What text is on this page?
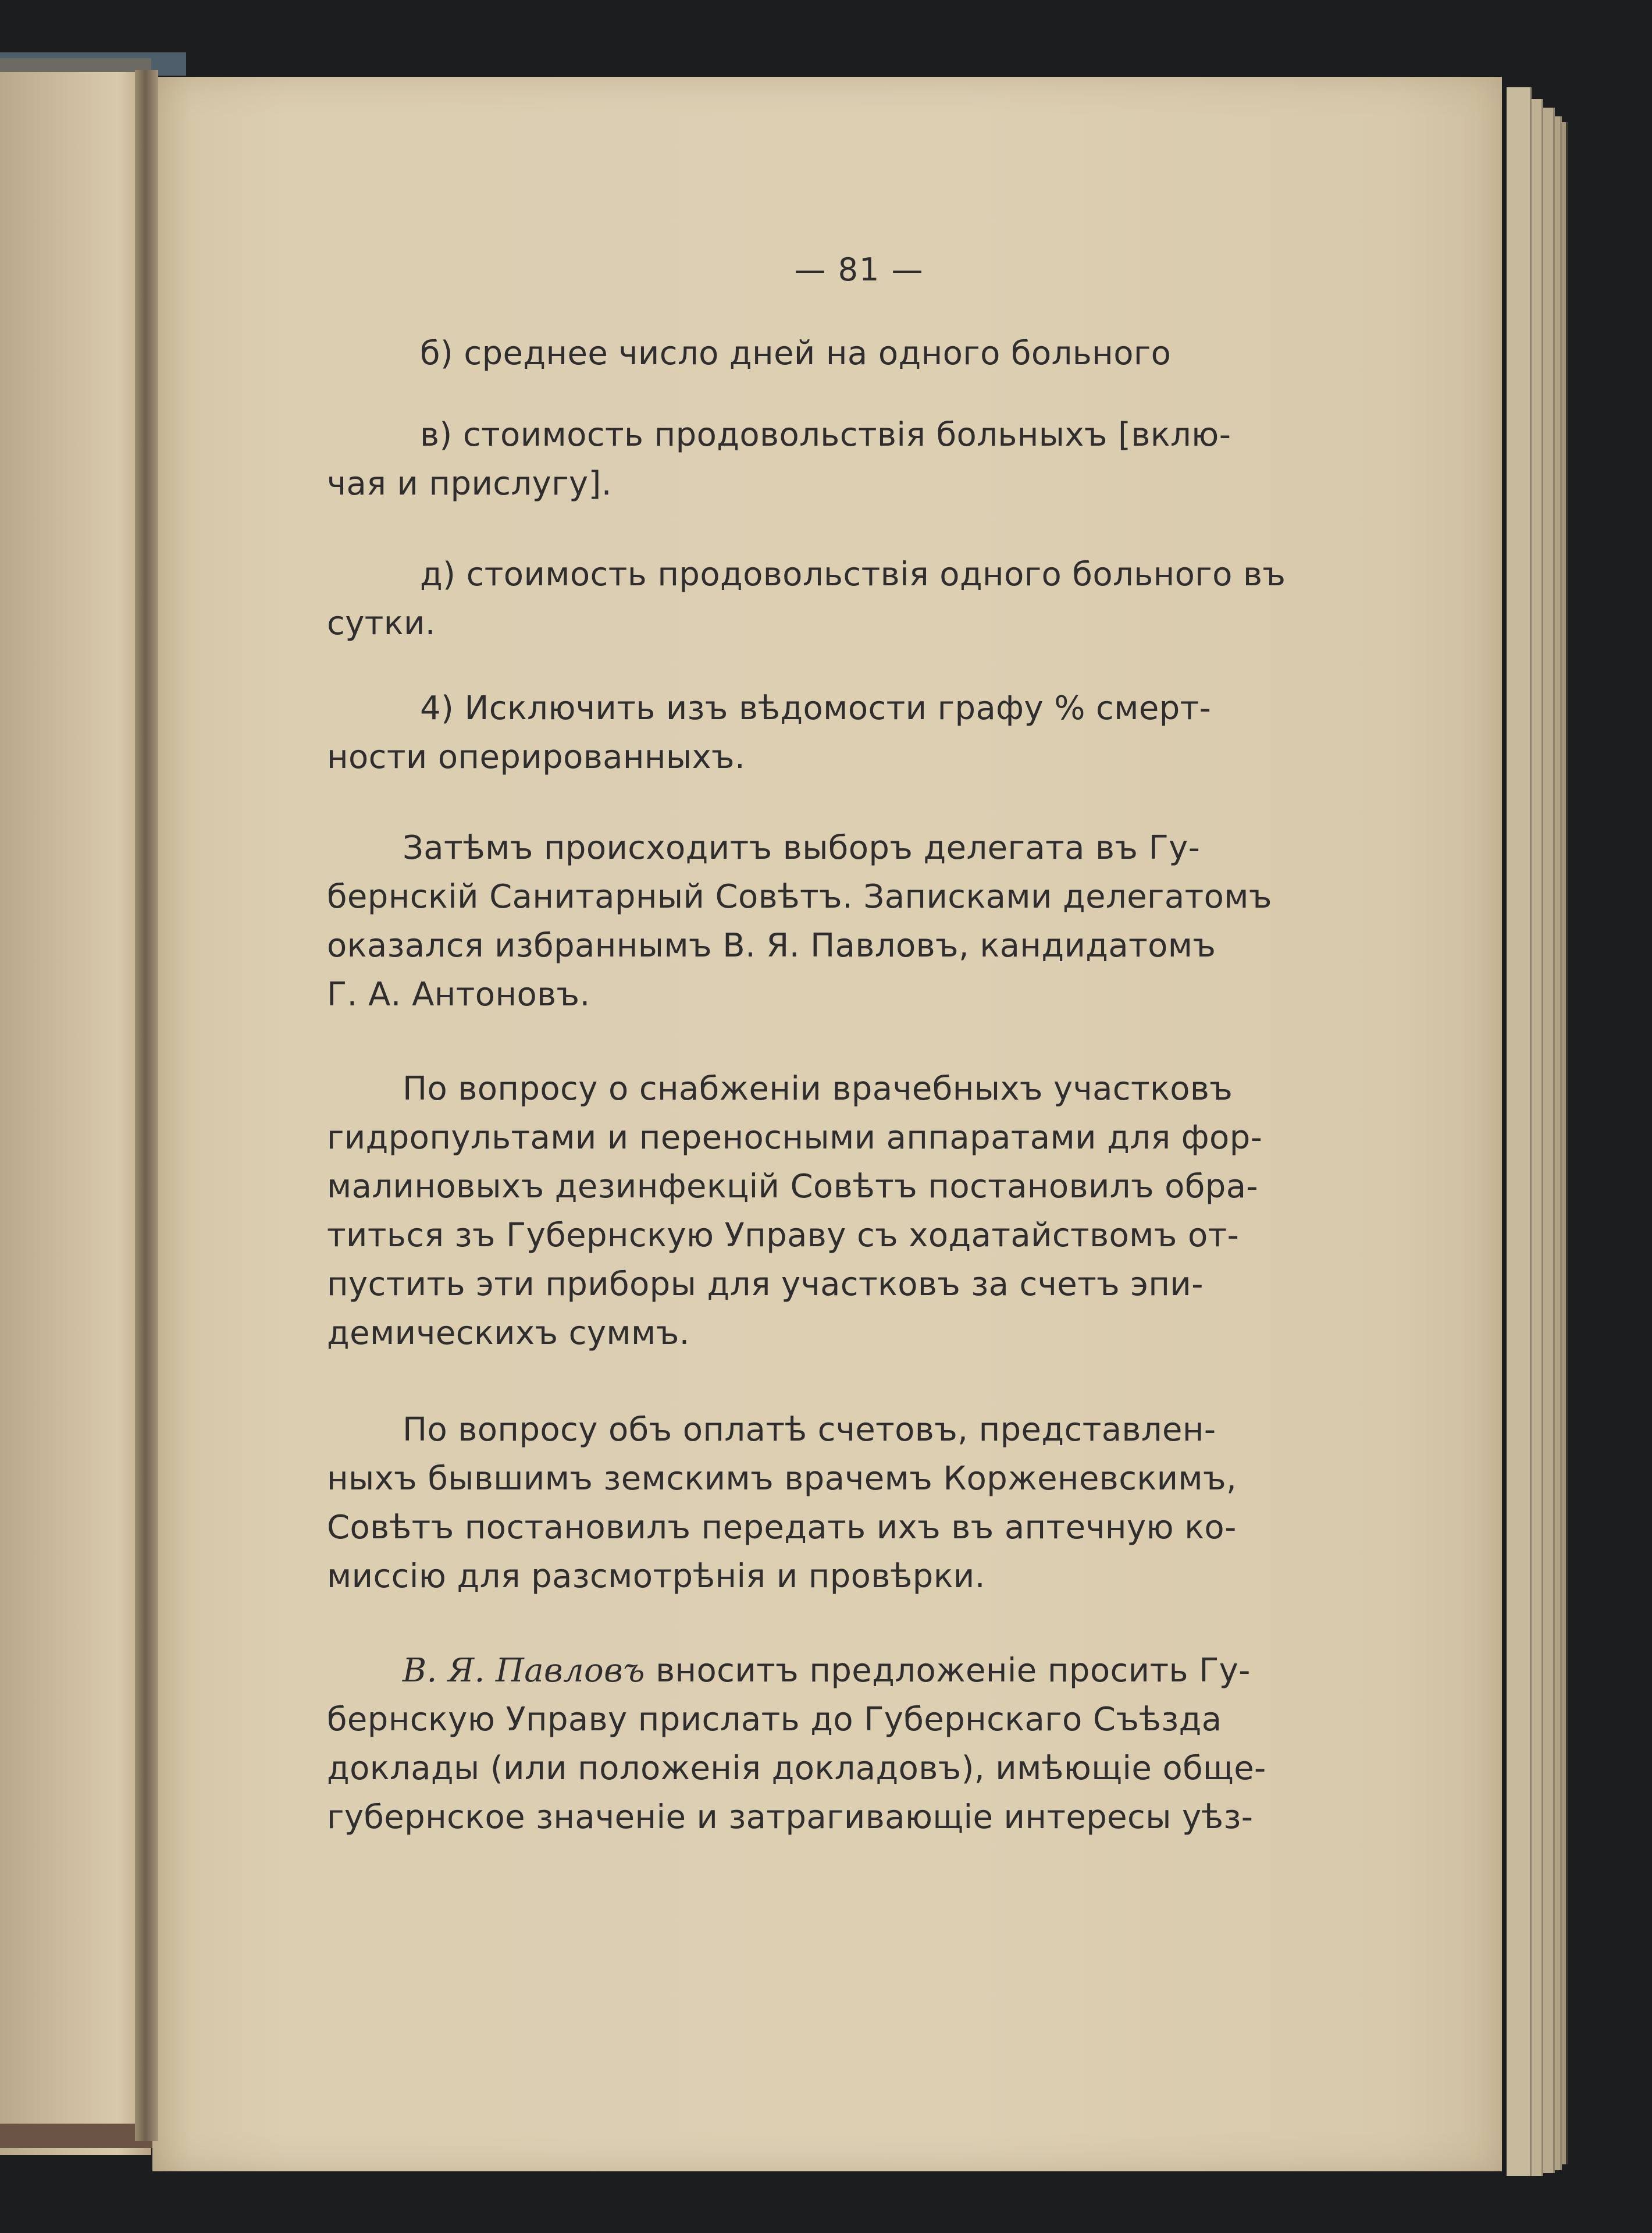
— 81 —
б) среднее число дней на одного больного
в) стоимость продовольствія больныхъ [вклю-
чая и прислугу].
д) стоимость продовольствія одного больного въ
сутки.
4) Исключить изъ вѣдомости графу % смерт-
ности оперированныхъ.
Затѣмъ происходитъ выборъ делегата въ Гу-
бернскій Санитарный Совѣтъ. Записками делегатомъ
оказался избраннымъ В. Я. Павловъ, кандидатомъ
Г. А. Антоновъ.
По вопросу о снабженіи врачебныхъ участковъ
гидропультами и переносными аппаратами для фор-
малиновыхъ дезинфекцій Совѣтъ постановилъ обра-
титься зъ Губернскую Управу съ ходатайствомъ от-
пустить эти приборы для участковъ за счетъ эпи-
демическихъ суммъ.
По вопросу объ оплатѣ счетовъ, представлен-
ныхъ бывшимъ земскимъ врачемъ Корженевскимъ,
Совѣтъ постановилъ передать ихъ въ аптечную ко-
миссію для разсмотрѣнія и провѣрки.
В. Я. Павловъ вноситъ предложеніе просить Гу-
бернскую Управу прислать до Губернскаго Съѣзда
доклады (или положенія докладовъ), имѣющіе обще-
губернское значеніе и затрагивающіе интересы уѣз-
